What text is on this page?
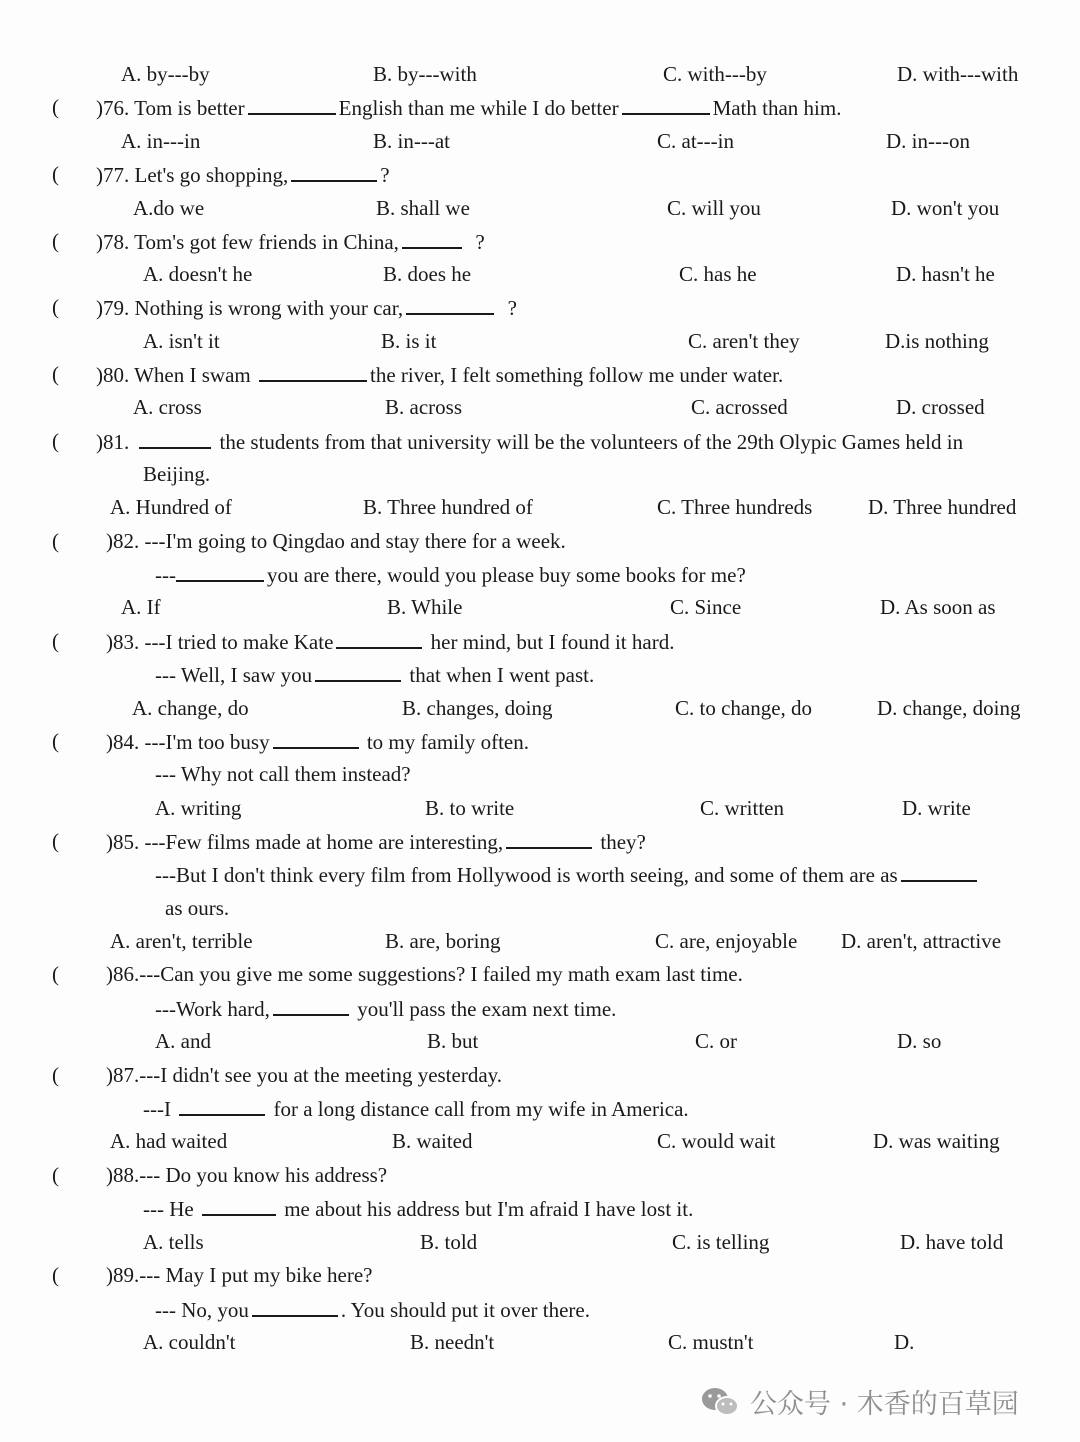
A. by---by	B. by---with	C. with---by	D. with---with
( )76. Tom is better	English than me while I do better	Math than him.
A. in---in	B. in---at	C. at---in	D. in---on
( )77. Let's go shopping,	?
A.do we	B. shall we	C. will you	D. won't you
( )78. Tom's got few friends in China,	?
A. doesn't he	B. does he	C. has he	D. hasn't he
( )79. Nothing is wrong with your car,	?
A. isn't it	B. is it	C. aren't they	D.is nothing
( )80. When I swam	the river, I felt something follow me under water.
A. cross	B. across	C. acrossed	D. crossed
( )81.	the students from that university will be the volunteers of the 29th Olypic Games held in
Beijing.
A. Hundred of	B. Three hundred of	C. Three hundreds	D. Three hundred
( )82. ---I'm going to Qingdao and stay there for a week.
---	you are there, would you please buy some books for me?
A. If	B. While	C. Since	D. As soon as
( )83. ---I tried to make Kate	her mind, but I found it hard.
--- Well, I saw you	that when I went past.
A. change, do	B. changes, doing	C. to change, do	D. change, doing
( )84. ---I'm too busy	to my family often.
--- Why not call them instead?
A. writing	B. to write	C. written	D. write
( )85. ---Few films made at home are interesting,	they?
---But I don't think every film from Hollywood is worth seeing, and some of them are as
as ours.
A. aren't, terrible	B. are, boring	C. are, enjoyable D. aren't, attractive
( )86.---Can you give me some suggestions? I failed my math exam last time.
---Work hard,	you'll pass the exam next time.
A. and	B. but	C. or	D. so
( )87.---I didn't see you at the meeting yesterday.
---I	for a long distance call from my wife in America.
A. had waited	B. waited	C. would wait	D. was waiting
( )88.--- Do you know his address?
--- He	me about his address but I'm afraid I have lost it.
A. tells	B. told	C. is telling	D. have told
( )89.--- May I put my bike here?
--- No, you	. You should put it over there.
A. couldn't	B. needn't	C. mustn't	D.
公众号 · 木香的百草园
